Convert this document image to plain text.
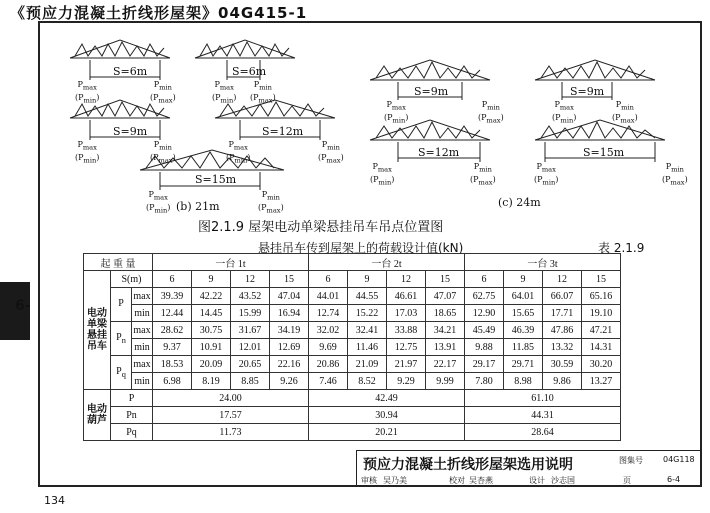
《预应力混凝土折线形屋架》04G415-1
6-
134
S=6m	S=6m
S=9m	S=12m
S=15m
S=9m	S=9m
S=12m	S=15m
$P_{max}$
$(P_{min})$
$P_{min}$
$(P_{max})$
$P_{max}$
$(P_{min})$
$P_{min}$
$(P_{max})$
$P_{max}$
$(P_{min})$
$P_{min}$
$(P_{max})$
$P_{max}$
$(P_{min})$
$P_{min}$
$(P_{max})$
$P_{max}$
$(P_{min})$
$P_{min}$
$(P_{max})$
$P_{max}$
$(P_{min})$
$P_{min}$
$(P_{max})$
$P_{max}$
$(P_{min})$
$P_{min}$
$(P_{max})$
$P_{max}$
$(P_{min})$
$P_{min}$
$(P_{max})$
$P_{max}$
$(P_{min})$
$P_{min}$
$(P_{max})$
(b) 21m	(c) 24m
图2.1.9 屋架电动单梁悬挂吊车吊点位置图
悬挂吊车传到屋架上的荷载设计值(kN)	表 2.1.9
起 重 量			一台 1t				一台 2t				一台 3t			
电动单梁悬挂吊车	S(m)		6	9	12	15	6	9	12	15	6	9	12	15
	P	max	39.39	42.22	43.52	47.04	44.01	44.55	46.61	47.07	62.75	64.01	66.07	65.16
		min	12.44	14.45	15.99	16.94	12.74	15.22	17.03	18.65	12.90	15.65	17.71	19.10
	$P_n$	max	28.62	30.75	31.67	34.19	32.02	32.41	33.88	34.21	45.49	46.39	47.86	47.21
		min	9.37	10.91	12.01	12.69	9.69	11.46	12.75	13.91	9.88	11.85	13.32	14.31
	$P_q$	max	18.53	20.09	20.65	22.16	20.86	21.09	21.97	22.17	29.17	29.71	30.59	30.20
		min	6.98	8.19	8.85	9.26	7.46	8.52	9.29	9.99	7.80	8.98	9.86	13.27
电动葫芦	P		24.00				42.49				61.10			
	Pn		17.57				30.94				44.31			
	Pq		11.73				20.21				28.64			
预应力混凝土折线形屋架选用说明	图集号	04G118
审核 吴乃美	校对 吴杏燕	设计 沙志国	页	6-4
